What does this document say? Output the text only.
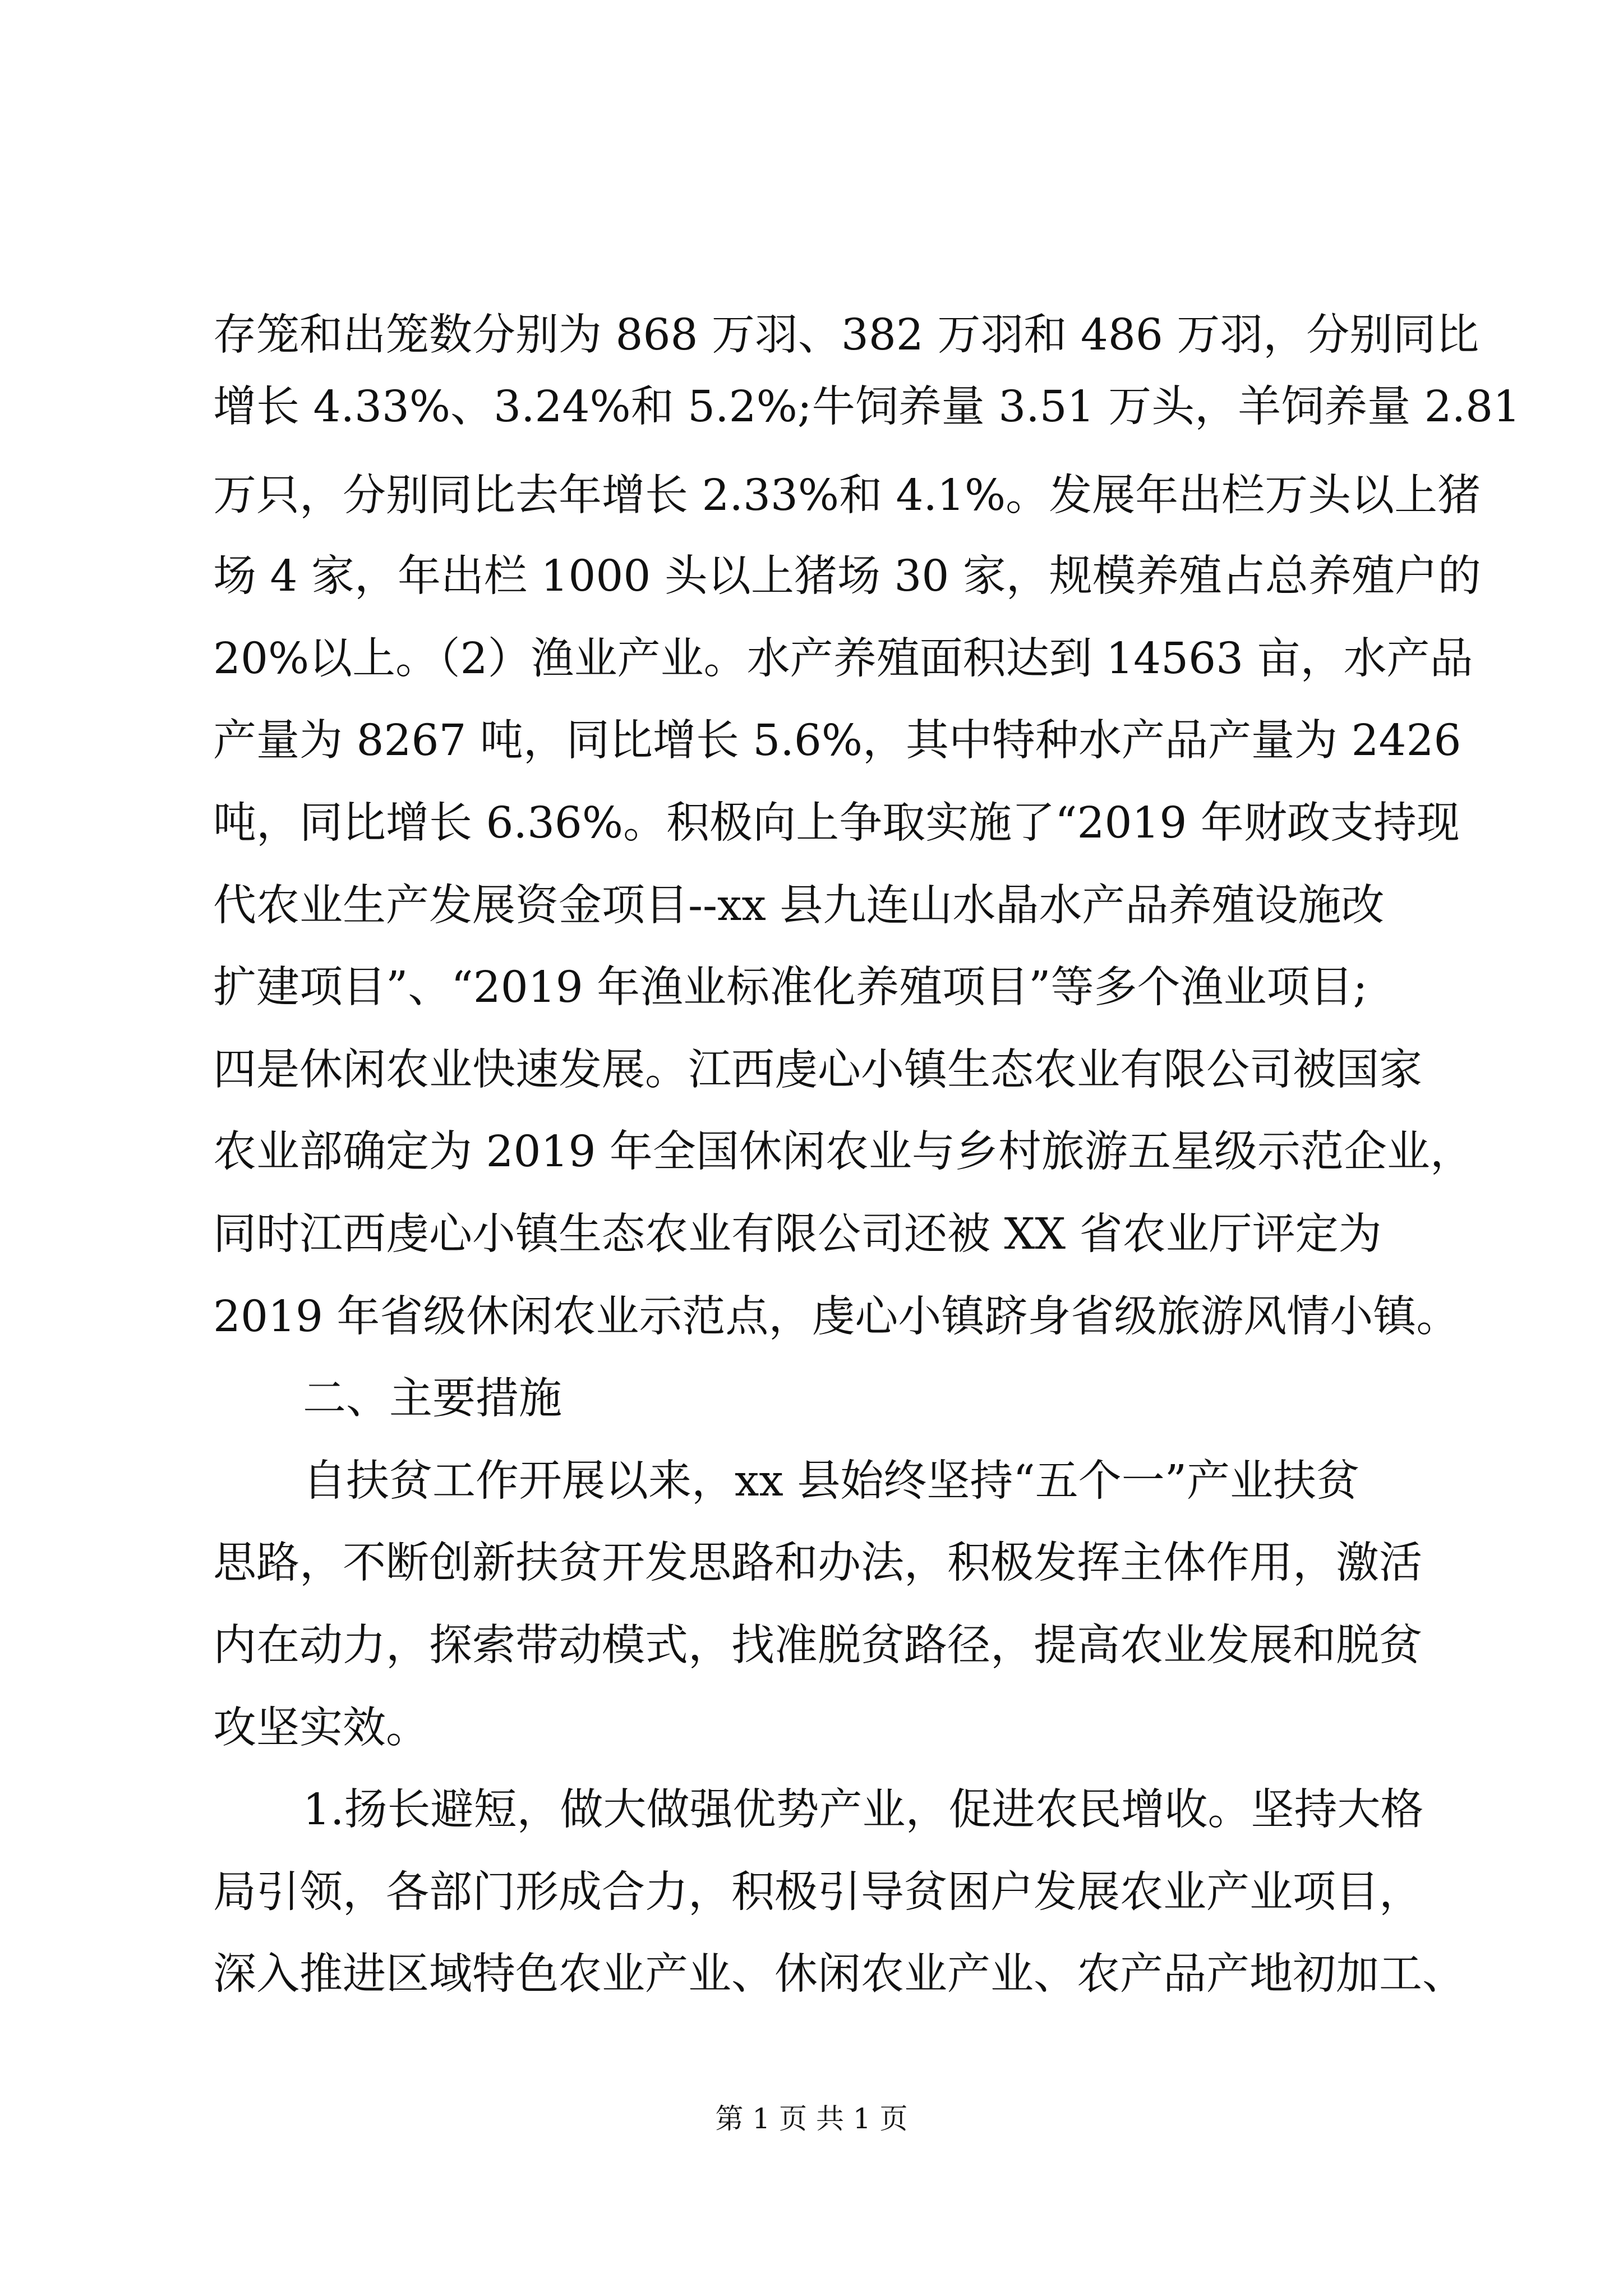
存笼和出笼数分别为 868 万羽、382 万羽和 486 万羽，分别同比
增长 4.33%、3.24%和 5.2%;牛饲养量 3.51 万头，羊饲养量 2.81
万只，分别同比去年增长 2.33%和 4.1%。发展年出栏万头以上猪
场 4 家，年出栏 1000 头以上猪场 30 家，规模养殖占总养殖户的
20%以上。（2）渔业产业。水产养殖面积达到 14563 亩，水产品
产量为 8267 吨，同比增长 5.6%，其中特种水产品产量为 2426
吨，同比增长 6.36%。积极向上争取实施了“2019 年财政支持现
代农业生产发展资金项目--xx 县九连山水晶水产品养殖设施改
扩建项目”、“2019 年渔业标准化养殖项目”等多个渔业项目;
四是休闲农业快速发展。江西虔心小镇生态农业有限公司被国家
农业部确定为 2019 年全国休闲农业与乡村旅游五星级示范企业，
同时江西虔心小镇生态农业有限公司还被 XX 省农业厅评定为
2019 年省级休闲农业示范点，虔心小镇跻身省级旅游风情小镇。
二、主要措施
自扶贫工作开展以来，xx 县始终坚持“五个一”产业扶贫
思路，不断创新扶贫开发思路和办法，积极发挥主体作用，激活
内在动力，探索带动模式，找准脱贫路径，提高农业发展和脱贫
攻坚实效。
1.扬长避短，做大做强优势产业，促进农民增收。坚持大格
局引领，各部门形成合力，积极引导贫困户发展农业产业项目，
深入推进区域特色农业产业、休闲农业产业、农产品产地初加工、
第 1 页 共 1 页
